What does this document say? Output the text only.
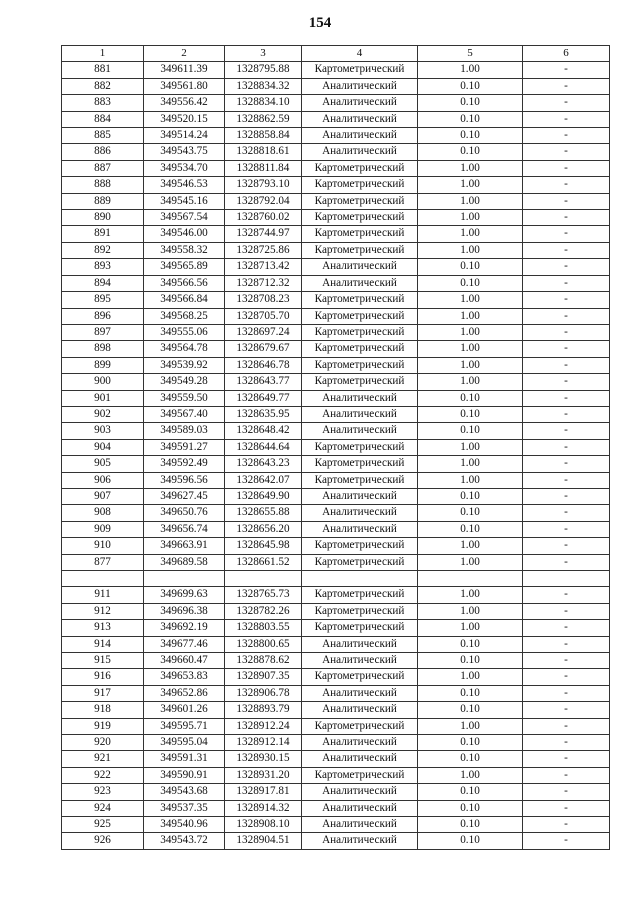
154
1	2	3	4	5	6
881	349611.39	1328795.88	Картометрический	1.00	-
882	349561.80	1328834.32	Аналитический	0.10	-
883	349556.42	1328834.10	Аналитический	0.10	-
884	349520.15	1328862.59	Аналитический	0.10	-
885	349514.24	1328858.84	Аналитический	0.10	-
886	349543.75	1328818.61	Аналитический	0.10	-
887	349534.70	1328811.84	Картометрический	1.00	-
888	349546.53	1328793.10	Картометрический	1.00	-
889	349545.16	1328792.04	Картометрический	1.00	-
890	349567.54	1328760.02	Картометрический	1.00	-
891	349546.00	1328744.97	Картометрический	1.00	-
892	349558.32	1328725.86	Картометрический	1.00	-
893	349565.89	1328713.42	Аналитический	0.10	-
894	349566.56	1328712.32	Аналитический	0.10	-
895	349566.84	1328708.23	Картометрический	1.00	-
896	349568.25	1328705.70	Картометрический	1.00	-
897	349555.06	1328697.24	Картометрический	1.00	-
898	349564.78	1328679.67	Картометрический	1.00	-
899	349539.92	1328646.78	Картометрический	1.00	-
900	349549.28	1328643.77	Картометрический	1.00	-
901	349559.50	1328649.77	Аналитический	0.10	-
902	349567.40	1328635.95	Аналитический	0.10	-
903	349589.03	1328648.42	Аналитический	0.10	-
904	349591.27	1328644.64	Картометрический	1.00	-
905	349592.49	1328643.23	Картометрический	1.00	-
906	349596.56	1328642.07	Картометрический	1.00	-
907	349627.45	1328649.90	Аналитический	0.10	-
908	349650.76	1328655.88	Аналитический	0.10	-
909	349656.74	1328656.20	Аналитический	0.10	-
910	349663.91	1328645.98	Картометрический	1.00	-
877	349689.58	1328661.52	Картометрический	1.00	-

911	349699.63	1328765.73	Картометрический	1.00	-
912	349696.38	1328782.26	Картометрический	1.00	-
913	349692.19	1328803.55	Картометрический	1.00	-
914	349677.46	1328800.65	Аналитический	0.10	-
915	349660.47	1328878.62	Аналитический	0.10	-
916	349653.83	1328907.35	Картометрический	1.00	-
917	349652.86	1328906.78	Аналитический	0.10	-
918	349601.26	1328893.79	Аналитический	0.10	-
919	349595.71	1328912.24	Картометрический	1.00	-
920	349595.04	1328912.14	Аналитический	0.10	-
921	349591.31	1328930.15	Аналитический	0.10	-
922	349590.91	1328931.20	Картометрический	1.00	-
923	349543.68	1328917.81	Аналитический	0.10	-
924	349537.35	1328914.32	Аналитический	0.10	-
925	349540.96	1328908.10	Аналитический	0.10	-
926	349543.72	1328904.51	Аналитический	0.10	-
